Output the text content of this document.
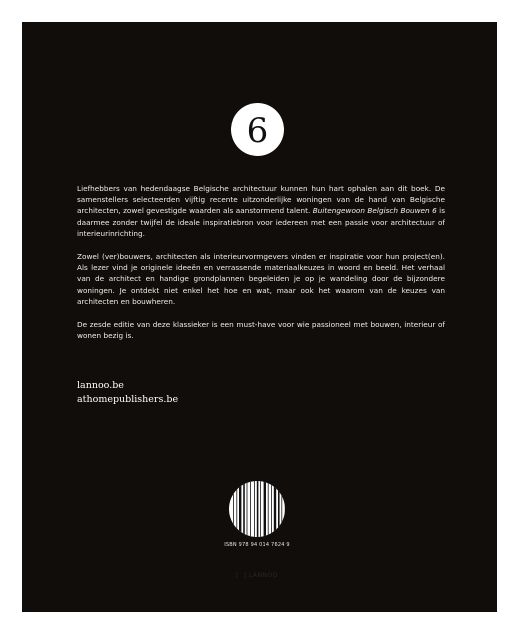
6

Liefhebbers van hedendaagse Belgische architectuur kunnen hun hart ophalen aan dit boek. De samenstellers selecteerden vijftig recente uitzonderlijke woningen van de hand van Belgische architecten, zowel gevestigde waarden als aanstormend talent. Buitengewoon Belgisch Bouwen 6 is daarmee zonder twijfel de ideale inspiratiebron voor iedereen met een passie voor architectuur of interieurinrichting.

Zowel (ver)bouwers, architecten als interieurvormgevers vinden er inspiratie voor hun project(en). Als lezer vind je originele ideeën en verrassende materiaalkeuzes in woord en beeld. Het verhaal van de architect en handige grondplannen begeleiden je op je wandeling door de bijzondere woningen. Je ontdekt niet enkel het hoe en wat, maar ook het waarom van de keuzes van architecten en bouwheren.

De zesde editie van deze klassieker is een must-have voor wie passioneel met bouwen, interieur of wonen bezig is.

lannoo.be
athomepublishers.be
ISBN 978 94 014 7624 9
[  ] LANNOO
